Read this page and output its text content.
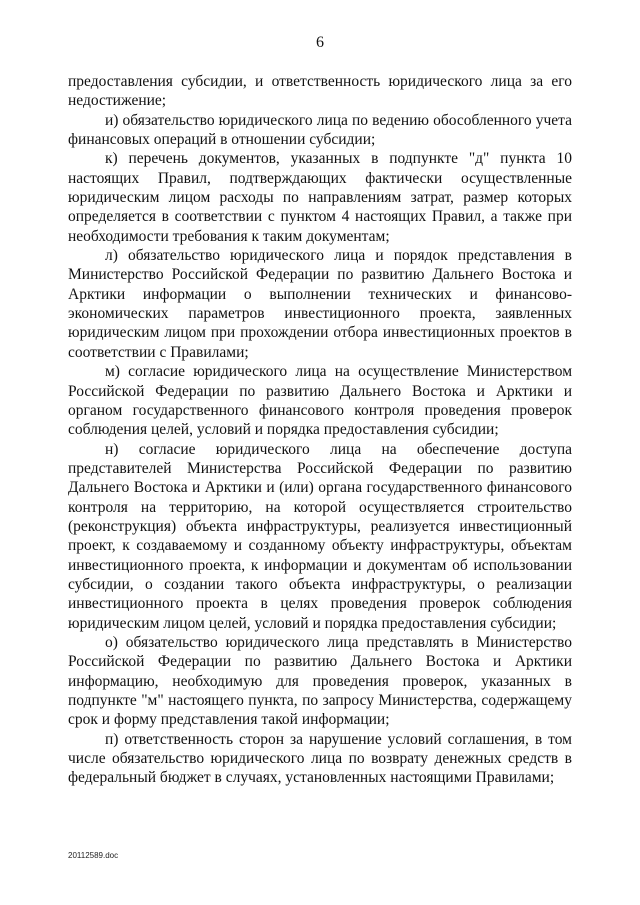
6

предоставления субсидии, и ответственность юридического лица за его недостижение;

и) обязательство юридического лица по ведению обособленного учета финансовых операций в отношении субсидии;

к) перечень документов, указанных в подпункте "д" пункта 10 настоящих Правил, подтверждающих фактически осуществленные юридическим лицом расходы по направлениям затрат, размер которых определяется в соответствии с пунктом 4 настоящих Правил, а также при необходимости требования к таким документам;

л) обязательство юридического лица и порядок представления в Министерство Российской Федерации по развитию Дальнего Востока и Арктики информации о выполнении технических и финансово-экономических параметров инвестиционного проекта, заявленных юридическим лицом при прохождении отбора инвестиционных проектов в соответствии с Правилами;

м) согласие юридического лица на осуществление Министерством Российской Федерации по развитию Дальнего Востока и Арктики и органом государственного финансового контроля проведения проверок соблюдения целей, условий и порядка предоставления субсидии;

н) согласие юридического лица на обеспечение доступа представителей Министерства Российской Федерации по развитию Дальнего Востока и Арктики и (или) органа государственного финансового контроля на территорию, на которой осуществляется строительство (реконструкция) объекта инфраструктуры, реализуется инвестиционный проект, к создаваемому и созданному объекту инфраструктуры, объектам инвестиционного проекта, к информации и документам об использовании субсидии, о создании такого объекта инфраструктуры, о реализации инвестиционного проекта в целях проведения проверок соблюдения юридическим лицом целей, условий и порядка предоставления субсидии;

о) обязательство юридического лица представлять в Министерство Российской Федерации по развитию Дальнего Востока и Арктики информацию, необходимую для проведения проверок, указанных в подпункте "м" настоящего пункта, по запросу Министерства, содержащему срок и форму представления такой информации;

п) ответственность сторон за нарушение условий соглашения, в том числе обязательство юридического лица по возврату денежных средств в федеральный бюджет в случаях, установленных настоящими Правилами;

20112589.doc
